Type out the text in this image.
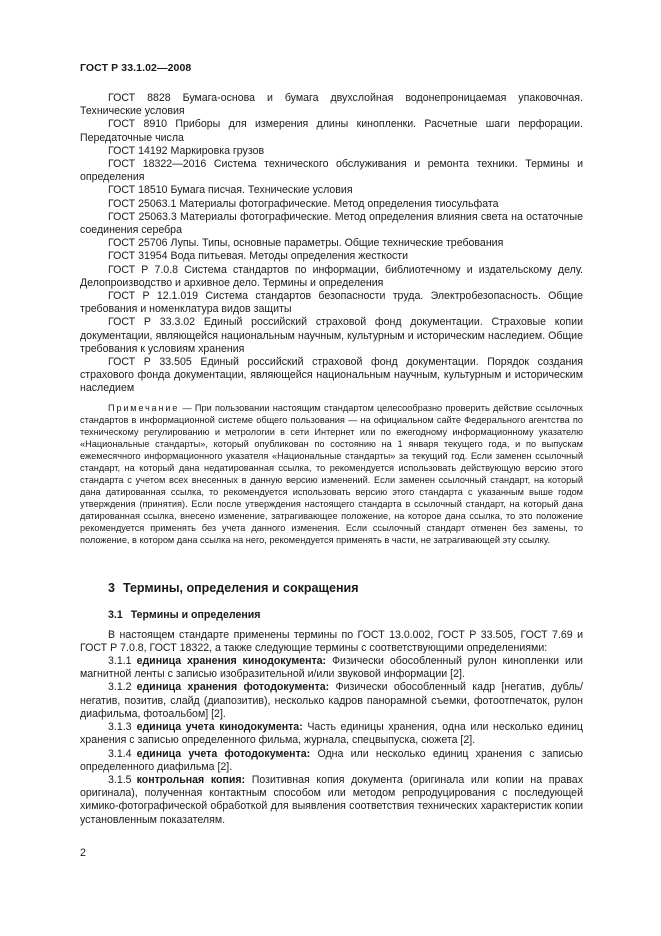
ГОСТ Р 33.1.02—2008

ГОСТ 8828 Бумага-основа и бумага двухслойная водонепроницаемая упаковочная. Технические условия

ГОСТ 8910 Приборы для измерения длины кинопленки. Расчетные шаги перфорации. Передаточные числа

ГОСТ 14192 Маркировка грузов

ГОСТ 18322—2016 Система технического обслуживания и ремонта техники. Термины и определения

ГОСТ 18510 Бумага писчая. Технические условия

ГОСТ 25063.1 Материалы фотографические. Метод определения тиосульфата

ГОСТ 25063.3 Материалы фотографические. Метод определения влияния света на остаточные соединения серебра

ГОСТ 25706 Лупы. Типы, основные параметры. Общие технические требования

ГОСТ 31954 Вода питьевая. Методы определения жесткости

ГОСТ Р 7.0.8 Система стандартов по информации, библиотечному и издательскому делу. Делопроизводство и архивное дело. Термины и определения

ГОСТ Р 12.1.019 Система стандартов безопасности труда. Электробезопасность. Общие требования и номенклатура видов защиты

ГОСТ Р 33.3.02 Единый российский страховой фонд документации. Страховые копии документации, являющейся национальным научным, культурным и историческим наследием. Общие требования к условиям хранения

ГОСТ Р 33.505 Единый российский страховой фонд документации. Порядок создания страхового фонда документации, являющейся национальным научным, культурным и историческим наследием

Примечание — При пользовании настоящим стандартом целесообразно проверить действие ссылочных стандартов в информационной системе общего пользования — на официальном сайте Федерального агентства по техническому регулированию и метрологии в сети Интернет или по ежегодному информационному указателю «Национальные стандарты», который опубликован по состоянию на 1 января текущего года, и по выпускам ежемесячного информационного указателя «Национальные стандарты» за текущий год. Если заменен ссылочный стандарт, на который дана недатированная ссылка, то рекомендуется использовать действующую версию этого стандарта с учетом всех внесенных в данную версию изменений. Если заменен ссылочный стандарт, на который дана датированная ссылка, то рекомендуется использовать версию этого стандарта с указанным выше годом утверждения (принятия). Если после утверждения настоящего стандарта в ссылочный стандарт, на который дана датированная ссылка, внесено изменение, затрагивающее положение, на которое дана ссылка, то это положение рекомендуется применять без учета данного изменения. Если ссылочный стандарт отменен без замены, то положение, в котором дана ссылка на него, рекомендуется применять в части, не затрагивающей эту ссылку.

3 Термины, определения и сокращения
3.1 Термины и определения

В настоящем стандарте применены термины по ГОСТ 13.0.002, ГОСТ Р 33.505, ГОСТ 7.69 и ГОСТ Р 7.0.8, ГОСТ 18322, а также следующие термины с соответствующими определениями:

3.1.1 единица хранения кинодокумента: Физически обособленный рулон кинопленки или магнитной ленты с записью изобразительной и/или звуковой информации [2].

3.1.2 единица хранения фотодокумента: Физически обособленный кадр [негатив, дубль/негатив, позитив, слайд (диапозитив), несколько кадров панорамной съемки, фотоотпечаток, рулон диафильма, фотоальбом] [2].

3.1.3 единица учета кинодокумента: Часть единицы хранения, одна или несколько единиц хранения с записью определенного фильма, журнала, спецвыпуска, сюжета [2].

3.1.4 единица учета фотодокумента: Одна или несколько единиц хранения с записью определенного диафильма [2].

3.1.5 контрольная копия: Позитивная копия документа (оригинала или копии на правах оригинала), полученная контактным способом или методом репродуцирования с последующей химико-фотографической обработкой для выявления соответствия технических характеристик копии установленным показателям.

2
